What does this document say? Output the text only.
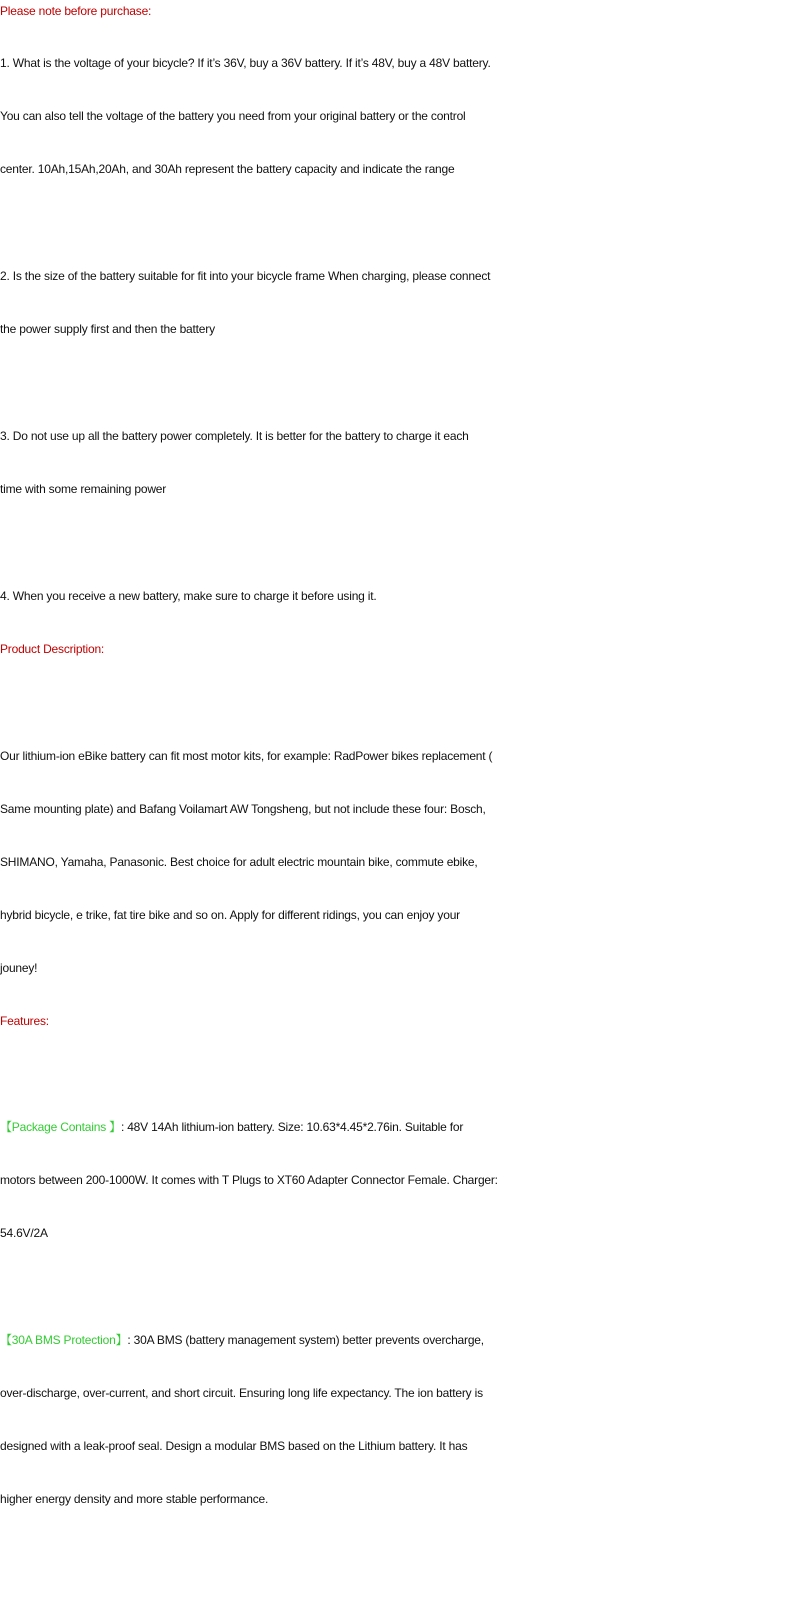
Please note before purchase:
1. What is the voltage of your bicycle? If it’s 36V, buy a 36V battery. If it’s 48V, buy a 48V battery.
You can also tell the voltage of the battery you need from your original battery or the control
center. 10Ah,15Ah,20Ah, and 30Ah represent the battery capacity and indicate the range
2. Is the size of the battery suitable for fit into your bicycle frame When charging, please connect
the power supply first and then the battery
3. Do not use up all the battery power completely. It is better for the battery to charge it each
time with some remaining power
4. When you receive a new battery, make sure to charge it before using it.
Product Description:
Our lithium-ion eBike battery can fit most motor kits, for example: RadPower bikes replacement (
Same mounting plate) and Bafang Voilamart AW Tongsheng, but not include these four: Bosch,
SHIMANO, Yamaha, Panasonic. Best choice for adult electric mountain bike, commute ebike,
hybrid bicycle, e trike, fat tire bike and so on. Apply for different ridings, you can enjoy your
jouney!
Features:
【Package Contains 】: 48V 14Ah lithium-ion battery. Size: 10.63*4.45*2.76in. Suitable for
motors between 200-1000W. It comes with T Plugs to XT60 Adapter Connector Female. Charger:
54.6V/2A
【30A BMS Protection】: 30A BMS (battery management system) better prevents overcharge,
over-discharge, over-current, and short circuit. Ensuring long life expectancy. The ion battery is
designed with a leak-proof seal. Design a modular BMS based on the Lithium battery. It has
higher energy density and more stable performance.
